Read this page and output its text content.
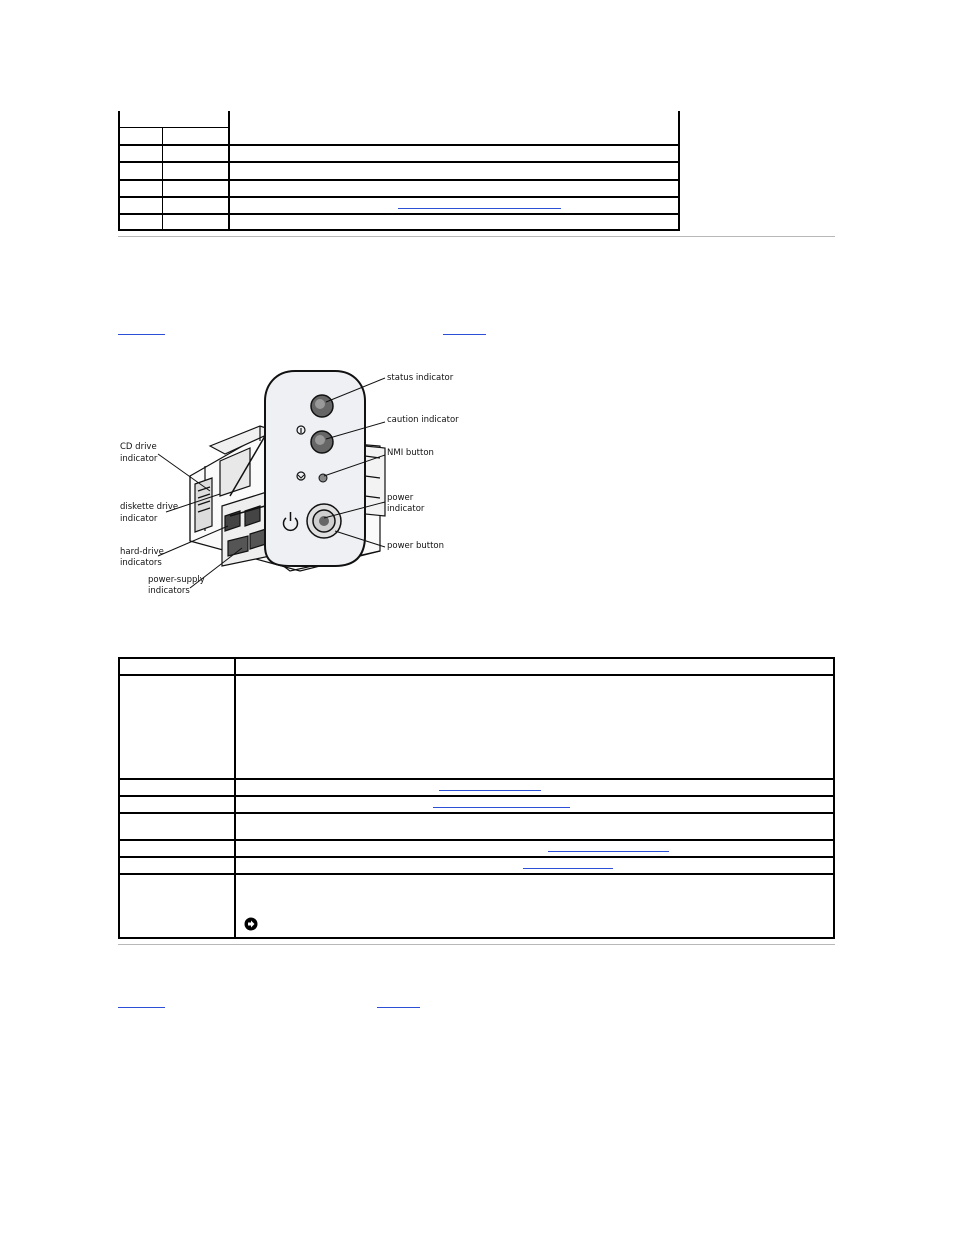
status indicator
caution indicator
NMI button
power
indicator
power button
CD drive
indicator
diskette drive
indicator
hard-drive
indicators
power-supply
indicators
